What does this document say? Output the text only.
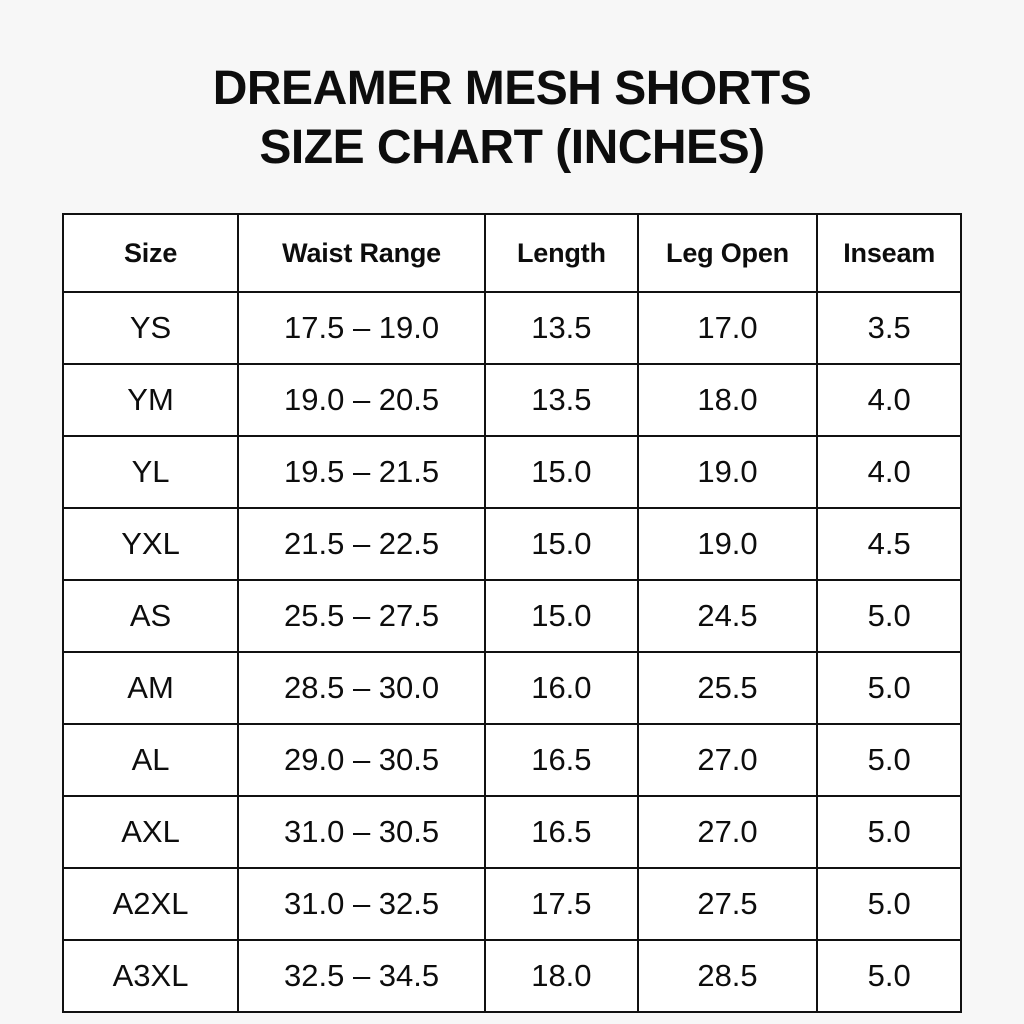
DREAMER MESH SHORTS
SIZE CHART (INCHES)
Size	Waist Range	Length	Leg Open	Inseam
YS	17.5 – 19.0	13.5	17.0	3.5
YM	19.0 – 20.5	13.5	18.0	4.0
YL	19.5 – 21.5	15.0	19.0	4.0
YXL	21.5 – 22.5	15.0	19.0	4.5
AS	25.5 – 27.5	15.0	24.5	5.0
AM	28.5 – 30.0	16.0	25.5	5.0
AL	29.0 – 30.5	16.5	27.0	5.0
AXL	31.0 – 30.5	16.5	27.0	5.0
A2XL	31.0 – 32.5	17.5	27.5	5.0
A3XL	32.5 – 34.5	18.0	28.5	5.0
